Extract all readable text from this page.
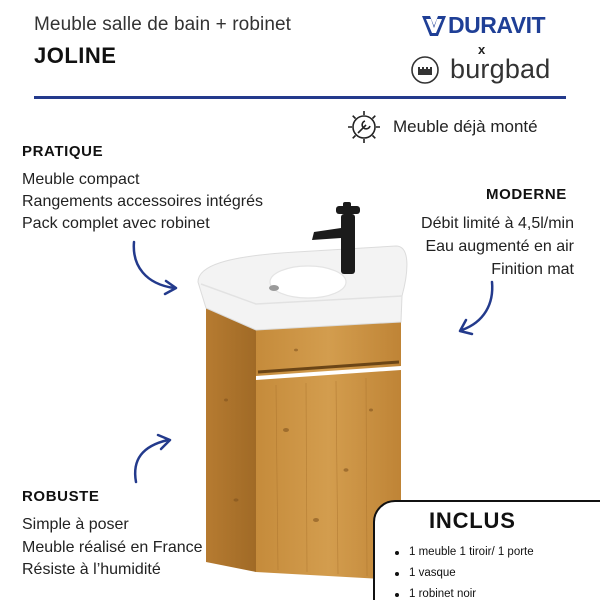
Meuble salle de bain + robinet
JOLINE
DURAVIT
x
burgbad
Meuble déjà monté
PRATIQUE
Meuble compact
Rangements accessoires intégrés
Pack complet avec robinet
MODERNE
Débit limité à 4,5l/min
Eau augmenté en air
Finition mat
ROBUSTE
Simple à poser
Meuble réalisé en France
Résiste à l’humidité
INCLUS
1 meuble 1 tiroir/ 1 porte
1 vasque
1 robinet noir
